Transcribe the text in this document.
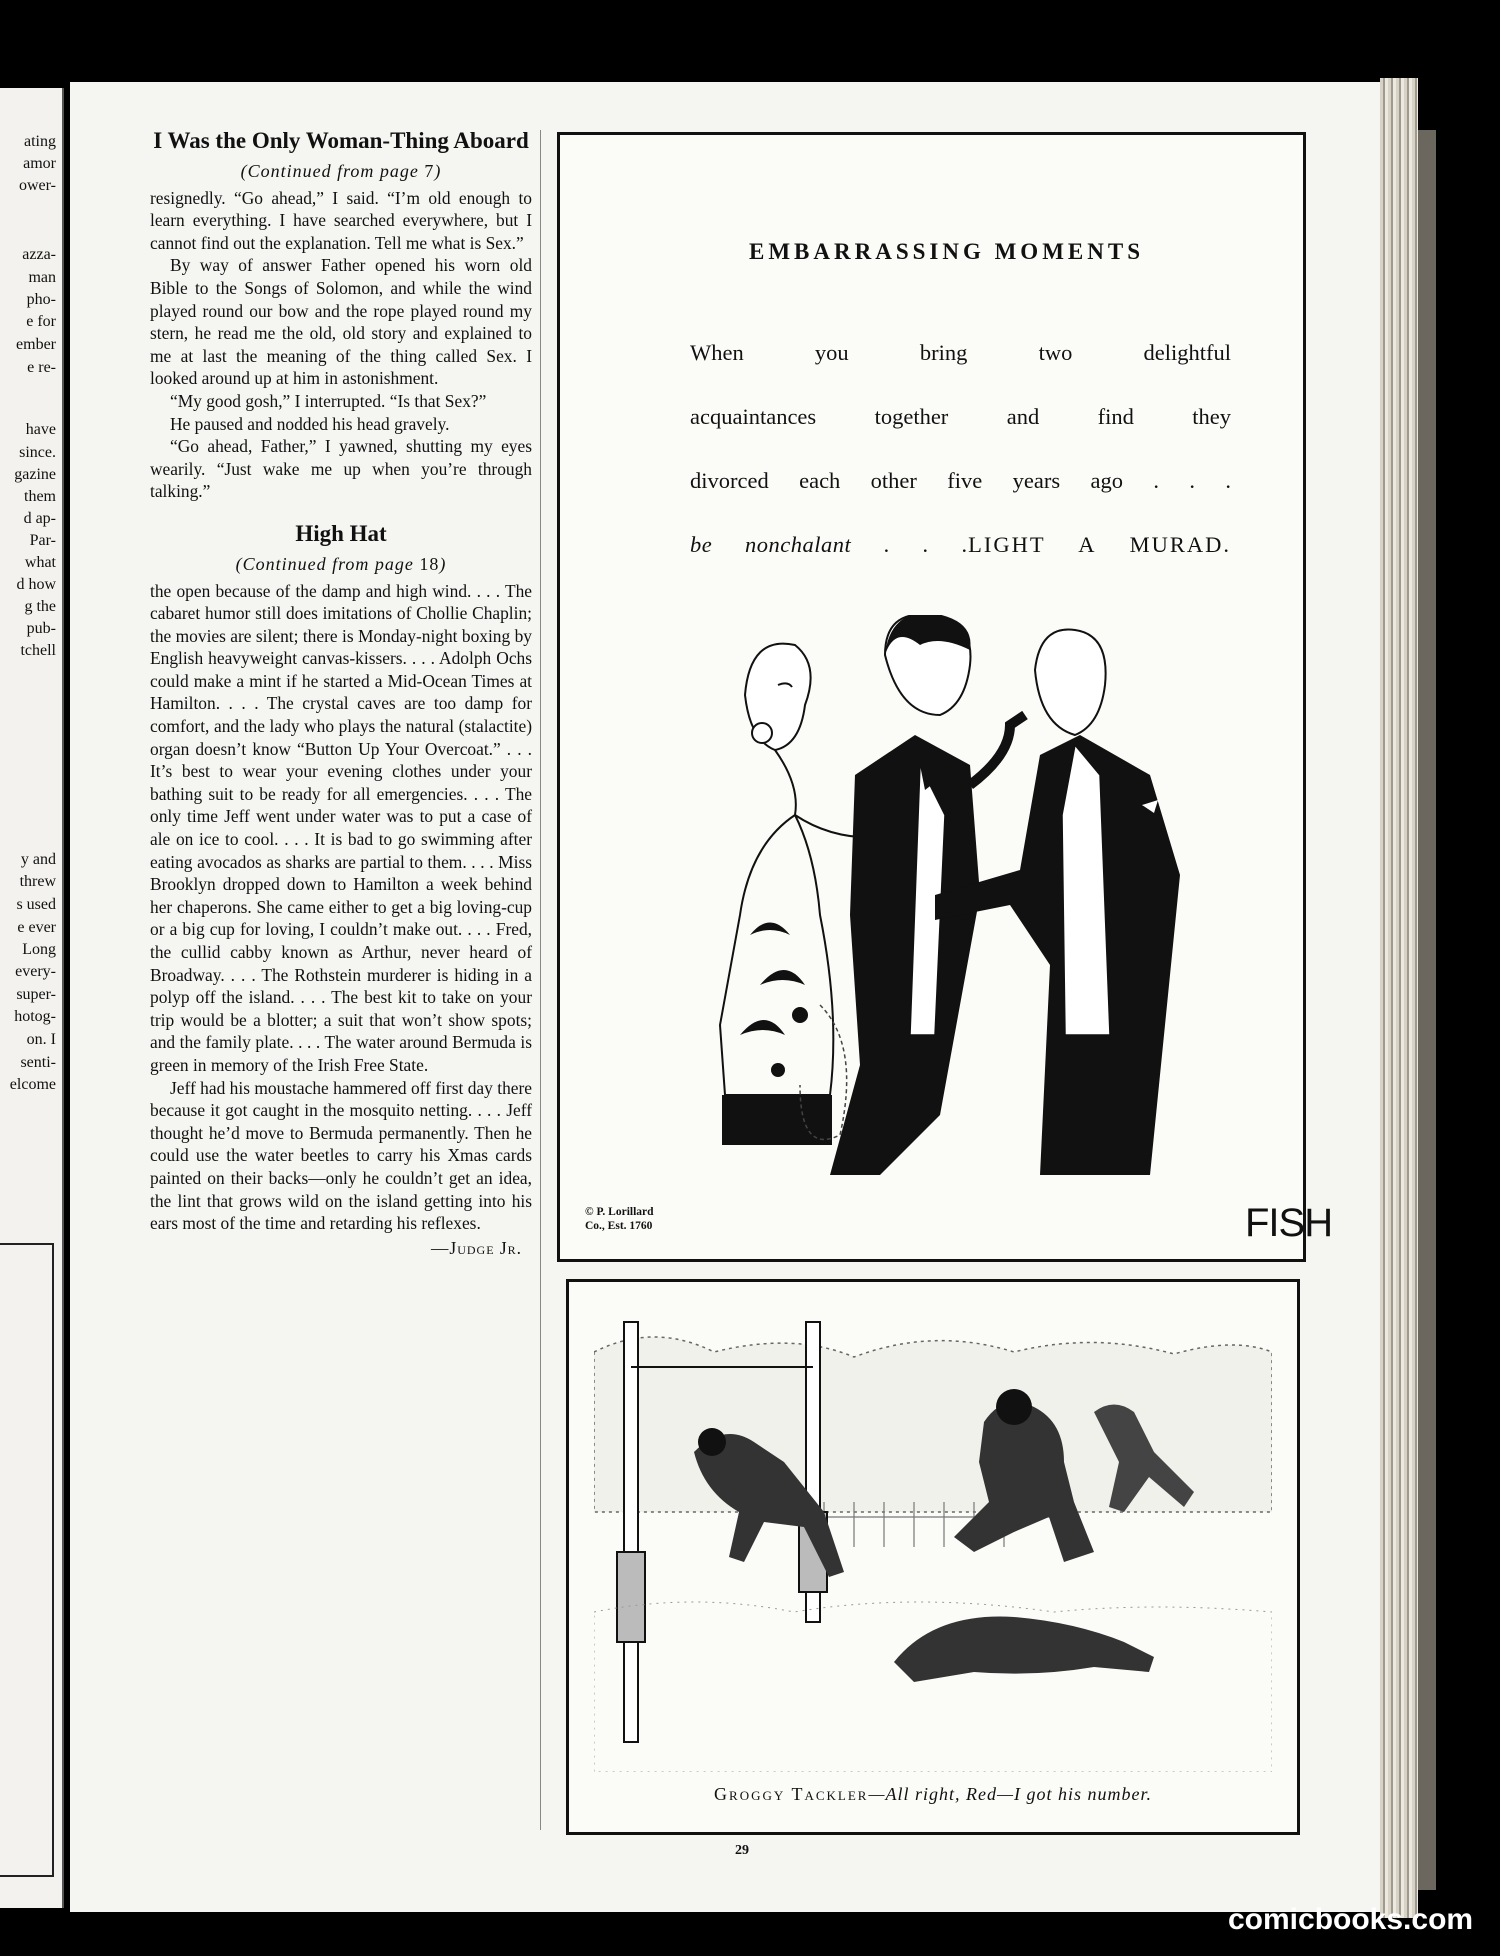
ating
amor
ower-
azza-
man
pho-
e for
ember
e re-
have
since.
gazine
them
d ap-
Par-
what
d how
g the
pub-
tchell
y and
threw
s used
e ever
Long
every-
super-
hotog-
on. I
senti-
elcome
I Was the Only Woman-Thing Aboard
(Continued from page 7)

resignedly. “Go ahead,” I said. “I’m old enough to learn everything. I have searched everywhere, but I cannot find out the explanation. Tell me what is Sex.”

By way of answer Father opened his worn old Bible to the Songs of Solomon, and while the wind played round our bow and the rope played round my stern, he read me the old, old story and explained to me at last the meaning of the thing called Sex. I looked around up at him in astonishment.

“My good gosh,” I interrupted. “Is that Sex?”

He paused and nodded his head gravely.

“Go ahead, Father,” I yawned, shutting my eyes wearily. “Just wake me up when you’re through talking.”

High Hat
(Continued from page 18)

the open because of the damp and high wind. . . . The cabaret humor still does imitations of Chollie Chaplin; the movies are silent; there is Monday-night boxing by English heavyweight canvas-kissers. . . . Adolph Ochs could make a mint if he started a Mid-Ocean Times at Hamilton. . . . The crystal caves are too damp for comfort, and the lady who plays the natural (stalactite) organ doesn’t know “Button Up Your Overcoat.” . . . It’s best to wear your evening clothes under your bathing suit to be ready for all emergencies. . . . The only time Jeff went under water was to put a case of ale on ice to cool. . . . It is bad to go swimming after eating avocados as sharks are partial to them. . . . Miss Brooklyn dropped down to Hamilton a week behind her chaperons. She came either to get a big loving-cup or a big cup for loving, I couldn’t make out. . . . Fred, the cullid cabby known as Arthur, never heard of Broadway. . . . The Rothstein murderer is hiding in a polyp off the island. . . . The best kit to take on your trip would be a blotter; a suit that won’t show spots; and the family plate. . . . The water around Bermuda is green in memory of the Irish Free State.

Jeff had his moustache hammered off first day there because it got caught in the mosquito netting. . . . Jeff thought he’d move to Bermuda permanently. Then he could use the water beetles to carry his Xmas cards painted on their backs—only he couldn’t get an idea, the lint that grows wild on the island getting into his ears most of the time and retarding his reflexes.

—Judge Jr.
EMBARRASSING MOMENTS
When you bring two delightful
acquaintances together and find they
divorced each other five years ago . . .
be nonchalant . . .LIGHT A MURAD.
© P. Lorillard
Co., Est. 1760	FISH
Groggy Tackler—All right, Red—I got his number.
29
comicbooks.com
